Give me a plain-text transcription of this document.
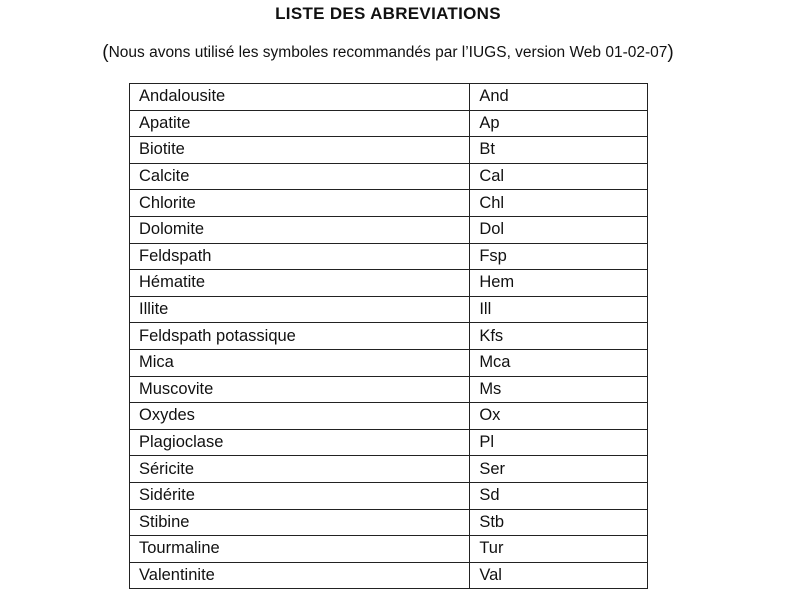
LISTE DES ABREVIATIONS
(Nous avons utilisé les symboles recommandés par l’IUGS, version Web 01-02-07)
Andalousite	And
Apatite	Ap
Biotite	Bt
Calcite	Cal
Chlorite	Chl
Dolomite	Dol
Feldspath	Fsp
Hématite	Hem
Illite	Ill
Feldspath potassique	Kfs
Mica	Mca
Muscovite	Ms
Oxydes	Ox
Plagioclase	Pl
Séricite	Ser
Sidérite	Sd
Stibine	Stb
Tourmaline	Tur
Valentinite	Val
